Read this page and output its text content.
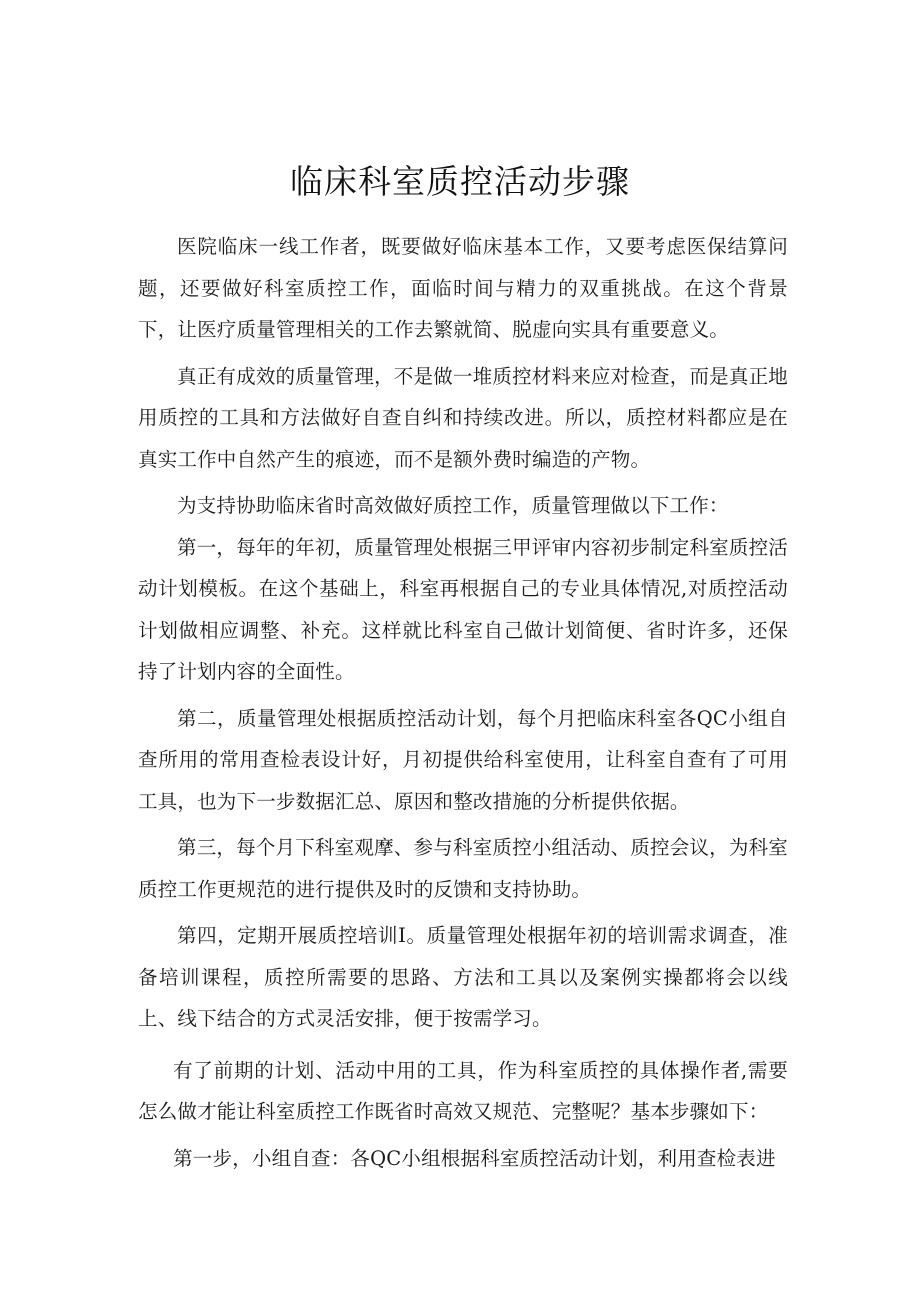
临床科室质控活动步骤

医院临床一线工作者，既要做好临床基本工作，又要考虑医保结算问题，还要做好科室质控工作，面临时间与精力的双重挑战。在这个背景下，让医疗质量管理相关的工作去繁就简、脱虚向实具有重要意义。

真正有成效的质量管理，不是做一堆质控材料来应对检查，而是真正地用质控的工具和方法做好自查自纠和持续改进。所以，质控材料都应是在真实工作中自然产生的痕迹，而不是额外费时编造的产物。

为支持协助临床省时高效做好质控工作，质量管理做以下工作：

第一，每年的年初，质量管理处根据三甲评审内容初步制定科室质控活动计划模板。在这个基础上，科室再根据自己的专业具体情况,对质控活动计划做相应调整、补充。这样就比科室自己做计划简便、省时许多，还保持了计划内容的全面性。

第二，质量管理处根据质控活动计划，每个月把临床科室各QC小组自查所用的常用查检表设计好，月初提供给科室使用，让科室自查有了可用工具，也为下一步数据汇总、原因和整改措施的分析提供依据。

第三，每个月下科室观摩、参与科室质控小组活动、质控会议，为科室质控工作更规范的进行提供及时的反馈和支持协助。

第四，定期开展质控培训I。质量管理处根据年初的培训需求调查，准备培训课程，质控所需要的思路、方法和工具以及案例实操都将会以线上、线下结合的方式灵活安排，便于按需学习。

有了前期的计划、活动中用的工具，作为科室质控的具体操作者,需要怎么做才能让科室质控工作既省时高效又规范、完整呢？基本步骤如下：

第一步，小组自查：各QC小组根据科室质控活动计划，利用查检表进
